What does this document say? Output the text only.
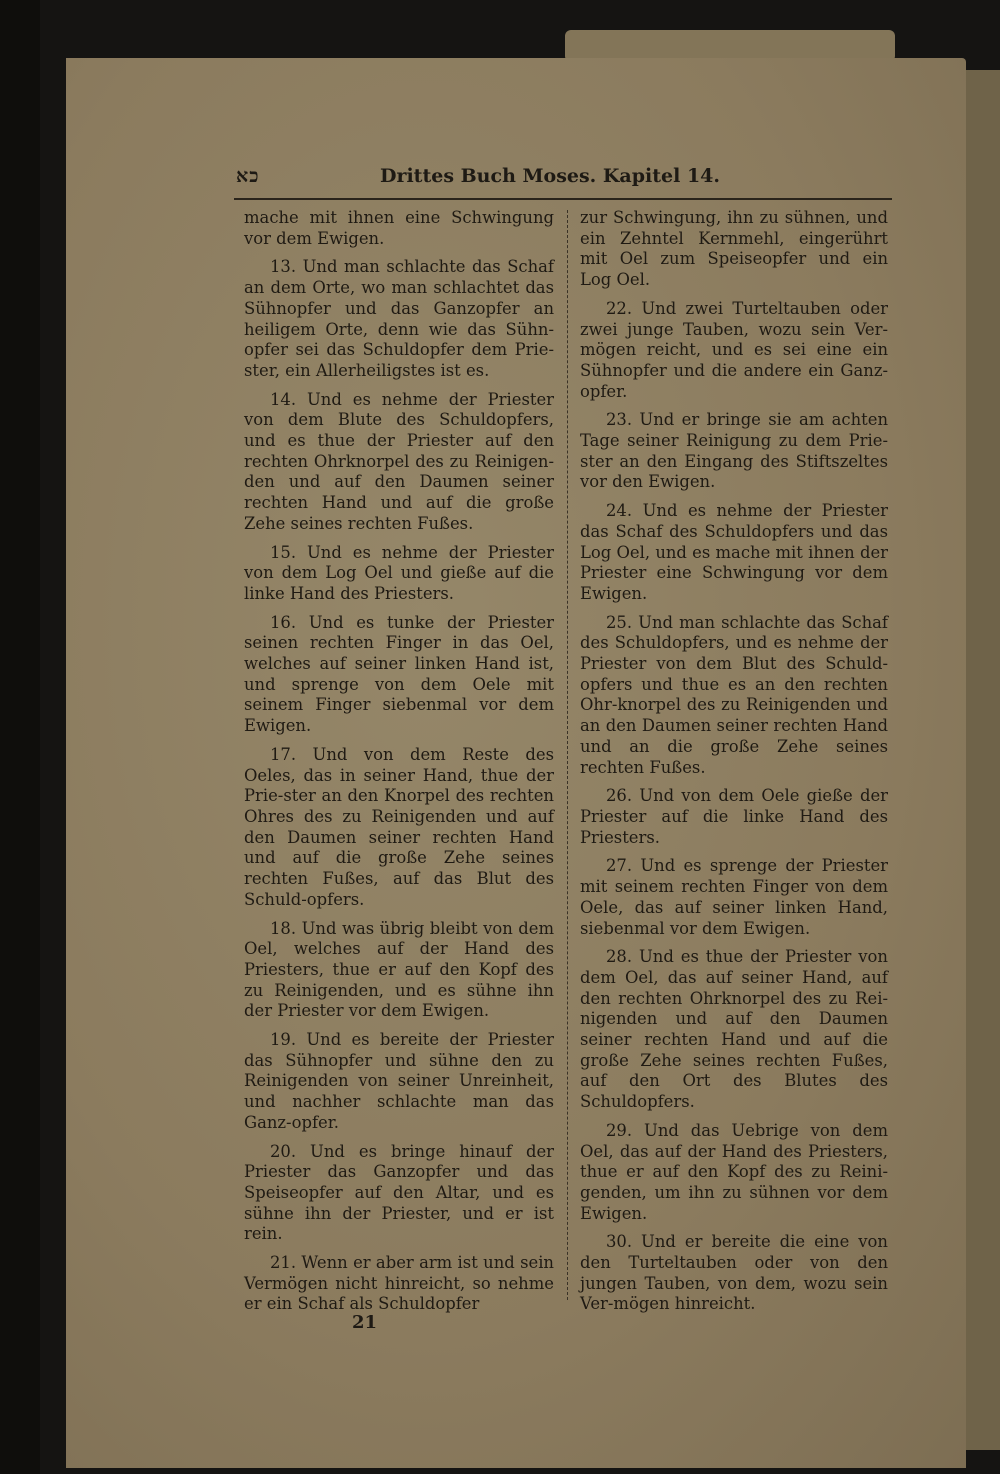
כא	Drittes Buch Moses. Kapitel 14.

mache mit ihnen eine Schwingung vor dem Ewigen.

13. Und man schlachte das Schaf an dem Orte, wo man schlachtet das Sühnopfer und das Ganzopfer an heiligem Orte, denn wie das Sühn-opfer sei das Schuldopfer dem Prie-ster, ein Allerheiligstes ist es.

14. Und es nehme der Priester von dem Blute des Schuldopfers, und es thue der Priester auf den rechten Ohrknorpel des zu Reinigen-den und auf den Daumen seiner rechten Hand und auf die große Zehe seines rechten Fußes.

15. Und es nehme der Priester von dem Log Oel und gieße auf die linke Hand des Priesters.

16. Und es tunke der Priester seinen rechten Finger in das Oel, welches auf seiner linken Hand ist, und sprenge von dem Oele mit seinem Finger siebenmal vor dem Ewigen.

17. Und von dem Reste des Oeles, das in seiner Hand, thue der Prie-ster an den Knorpel des rechten Ohres des zu Reinigenden und auf den Daumen seiner rechten Hand und auf die große Zehe seines rechten Fußes, auf das Blut des Schuld-opfers.

18. Und was übrig bleibt von dem Oel, welches auf der Hand des Priesters, thue er auf den Kopf des zu Reinigenden, und es sühne ihn der Priester vor dem Ewigen.

19. Und es bereite der Priester das Sühnopfer und sühne den zu Reinigenden von seiner Unreinheit, und nachher schlachte man das Ganz-opfer.

20. Und es bringe hinauf der Priester das Ganzopfer und das Speiseopfer auf den Altar, und es sühne ihn der Priester, und er ist rein.

21. Wenn er aber arm ist und sein Vermögen nicht hinreicht, so nehme er ein Schaf als Schuldopfer

zur Schwingung, ihn zu sühnen, und ein Zehntel Kernmehl, eingerührt mit Oel zum Speiseopfer und ein Log Oel.

22. Und zwei Turteltauben oder zwei junge Tauben, wozu sein Ver-mögen reicht, und es sei eine ein Sühnopfer und die andere ein Ganz-opfer.

23. Und er bringe sie am achten Tage seiner Reinigung zu dem Prie-ster an den Eingang des Stiftszeltes vor den Ewigen.

24. Und es nehme der Priester das Schaf des Schuldopfers und das Log Oel, und es mache mit ihnen der Priester eine Schwingung vor dem Ewigen.

25. Und man schlachte das Schaf des Schuldopfers, und es nehme der Priester von dem Blut des Schuld-opfers und thue es an den rechten Ohr-knorpel des zu Reinigenden und an den Daumen seiner rechten Hand und an die große Zehe seines rechten Fußes.

26. Und von dem Oele gieße der Priester auf die linke Hand des Priesters.

27. Und es sprenge der Priester mit seinem rechten Finger von dem Oele, das auf seiner linken Hand, siebenmal vor dem Ewigen.

28. Und es thue der Priester von dem Oel, das auf seiner Hand, auf den rechten Ohrknorpel des zu Rei-nigenden und auf den Daumen seiner rechten Hand und auf die große Zehe seines rechten Fußes, auf den Ort des Blutes des Schuldopfers.

29. Und das Uebrige von dem Oel, das auf der Hand des Priesters, thue er auf den Kopf des zu Reini-genden, um ihn zu sühnen vor dem Ewigen.

30. Und er bereite die eine von den Turteltauben oder von den jungen Tauben, von dem, wozu sein Ver-mögen hinreicht.

21
